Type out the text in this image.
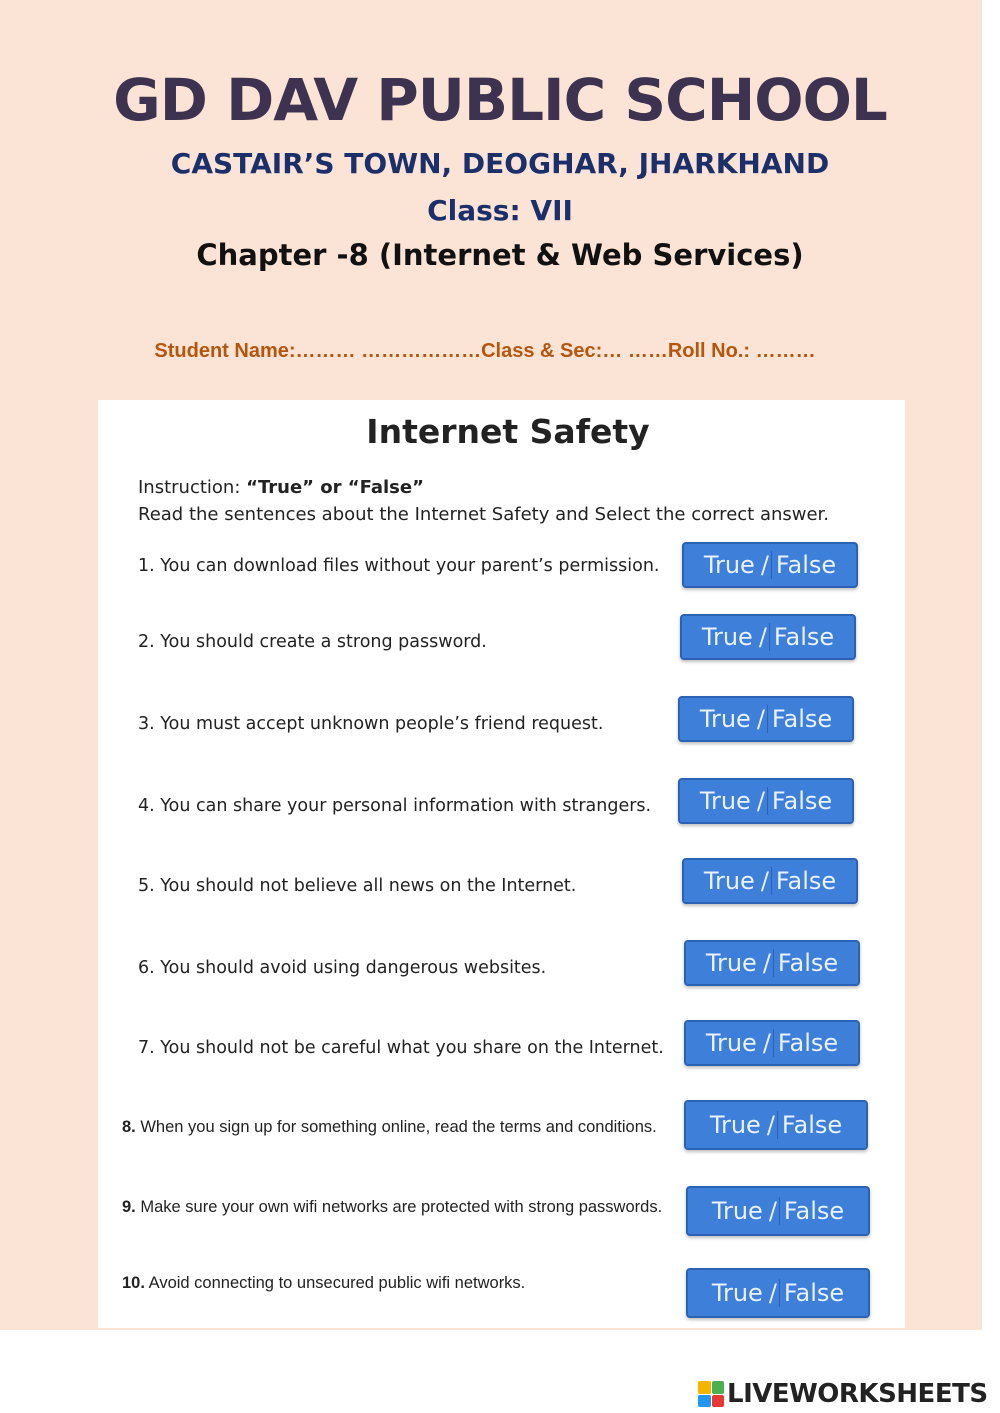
GD DAV PUBLIC SCHOOL
CASTAIR’S TOWN, DEOGHAR, JHARKHAND
Class: VII
Chapter -8 (Internet & Web Services)

Student Name:……… ………………Class & Sec:… ……Roll No.: ………

Internet Safety
Instruction: “True” or “False”
Read the sentences about the Internet Safety and Select the correct answer.
1. You can download files without your parent’s permission. True / False
2. You should create a strong password.	True / False
3. You must accept unknown people’s friend request.	True / False
4. You can share your personal information with strangers. True / False
5. You should not believe all news on the Internet.	True / False
6. You should avoid using dangerous websites.	True / False
7. You should not be careful what you share on the Internet. True / False
8. When you sign up for something online, read the terms and conditions. True / False
9. Make sure your own wifi networks are protected with strong passwords. True / False
10. Avoid connecting to unsecured public wifi networks.	True / False
LIVEWORKSHEETS
